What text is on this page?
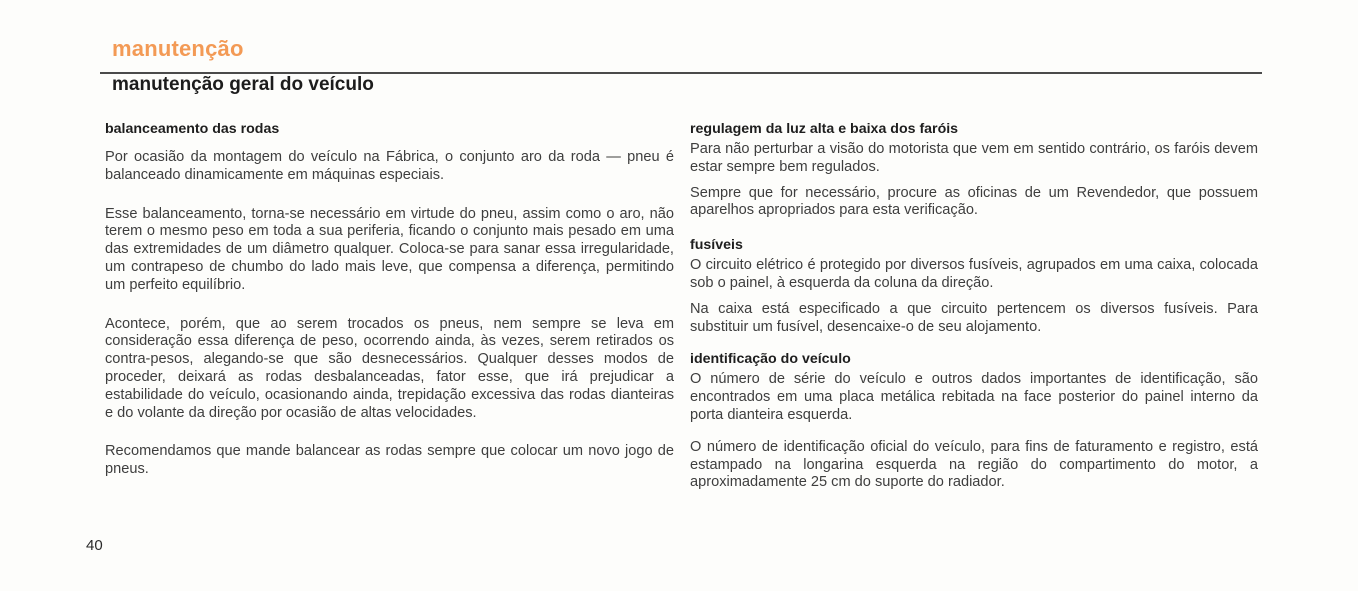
manutenção
manutenção geral do veículo
balanceamento das rodas

Por ocasião da montagem do veículo na Fábrica, o conjunto aro da roda — pneu é balanceado dinamicamente em máquinas especiais.

Esse balanceamento, torna-se necessário em virtude do pneu, assim como o aro, não terem o mesmo peso em toda a sua periferia, ficando o conjunto mais pesado em uma das extremidades de um diâmetro qualquer. Coloca-se para sanar essa irregularidade, um contrapeso de chumbo do lado mais leve, que compensa a diferença, permitindo um perfeito equilíbrio.

Acontece, porém, que ao serem trocados os pneus, nem sempre se leva em consideração essa diferença de peso, ocorrendo ainda, às vezes, serem retirados os contra-pesos, alegando-se que são desnecessários. Qualquer desses modos de proceder, deixará as rodas desbalanceadas, fator esse, que irá prejudicar a estabilidade do veículo, ocasionando ainda, trepidação excessiva das rodas dianteiras e do volante da direção por ocasião de altas velocidades.

Recomendamos que mande balancear as rodas sempre que colocar um novo jogo de pneus.

regulagem da luz alta e baixa dos faróis

Para não perturbar a visão do motorista que vem em sentido contrário, os faróis devem estar sempre bem regulados.

Sempre que for necessário, procure as oficinas de um Revendedor, que possuem aparelhos apropriados para esta verificação.

fusíveis

O circuito elétrico é protegido por diversos fusíveis, agrupados em uma caixa, colocada sob o painel, à esquerda da coluna da direção.

Na caixa está especificado a que circuito pertencem os diversos fusíveis. Para substituir um fusível, desencaixe-o de seu alojamento.

identificação do veículo

O número de série do veículo e outros dados importantes de identificação, são encontrados em uma placa metálica rebitada na face posterior do painel interno da porta dianteira esquerda.

O número de identificação oficial do veículo, para fins de faturamento e registro, está estampado na longarina esquerda na região do compartimento do motor, a aproximadamente 25 cm do suporte do radiador.

40
